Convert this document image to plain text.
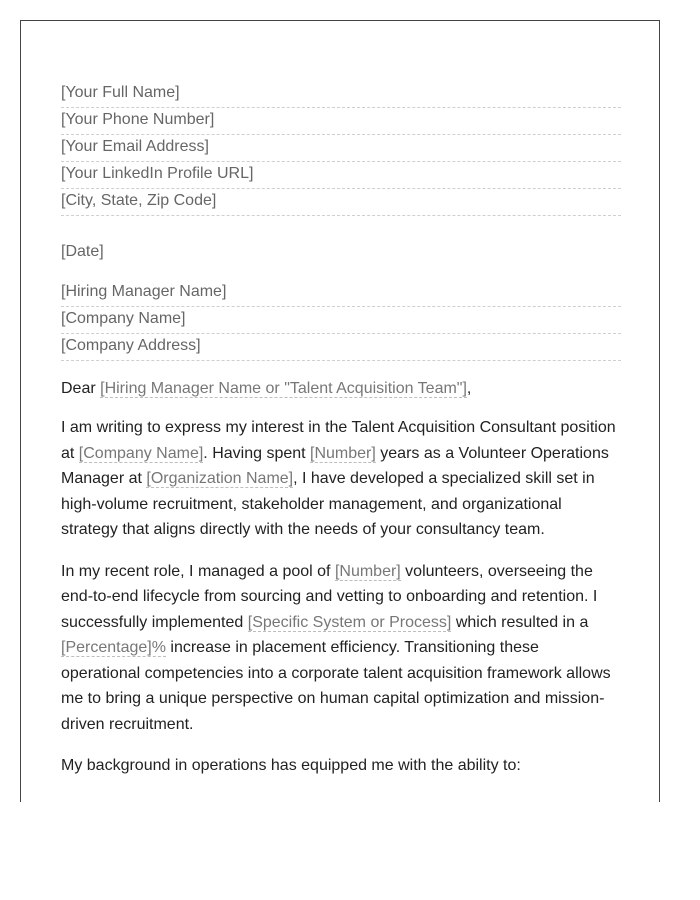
[Your Full Name]
[Your Phone Number]
[Your Email Address]
[Your LinkedIn Profile URL]
[City, State, Zip Code]
[Date]
[Hiring Manager Name]
[Company Name]
[Company Address]
Dear [Hiring Manager Name or "Talent Acquisition Team"],

I am writing to express my interest in the Talent Acquisition Consultant position at [Company Name]. Having spent [Number] years as a Volunteer Operations Manager at [Organization Name], I have developed a specialized skill set in high-volume recruitment, stakeholder management, and organizational strategy that aligns directly with the needs of your consultancy team.

In my recent role, I managed a pool of [Number] volunteers, overseeing the end-to-end lifecycle from sourcing and vetting to onboarding and retention. I successfully implemented [Specific System or Process] which resulted in a [Percentage]% increase in placement efficiency. Transitioning these operational competencies into a corporate talent acquisition framework allows me to bring a unique perspective on human capital optimization and mission-driven recruitment.

My background in operations has equipped me with the ability to:
